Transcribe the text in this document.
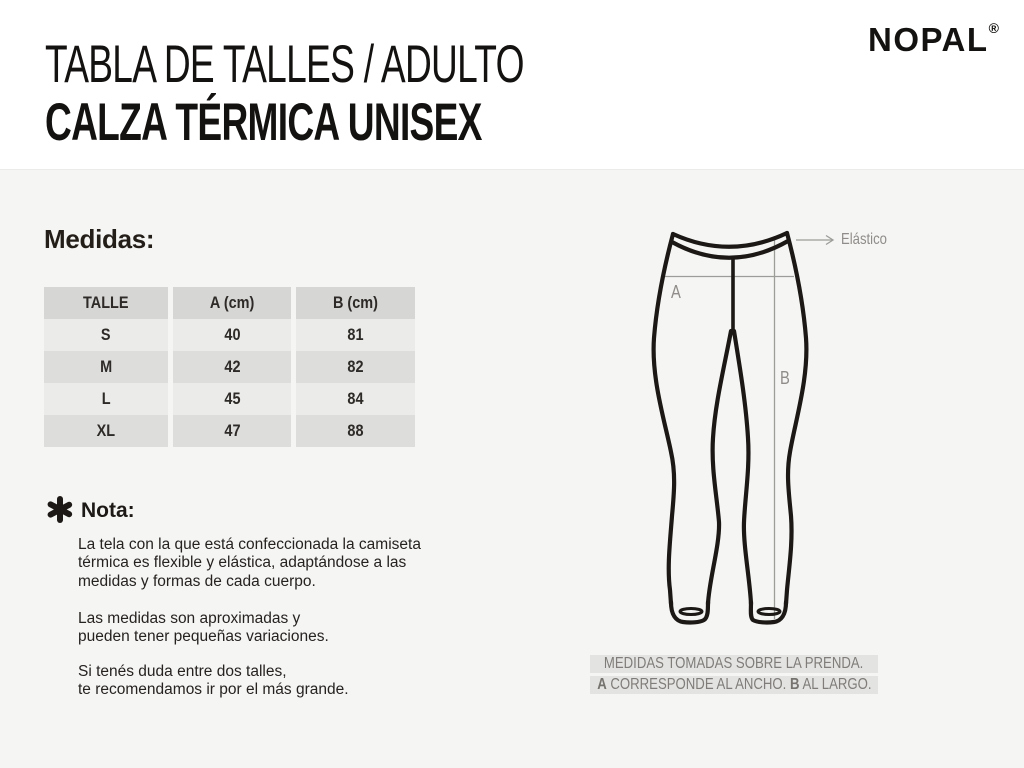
TABLA DE TALLES / ADULTO
CALZA TÉRMICA UNISEX
NOPAL®
Medidas:
TALLE	A (cm)	B (cm)
S	40	81
M	42	82
L	45	84
XL	47	88
Nota:
La tela con la que está confeccionada la camiseta
térmica es flexible y elástica, adaptándose a las
medidas y formas de cada cuerpo.
Las medidas son aproximadas y
pueden tener pequeñas variaciones.
Si tenés duda entre dos talles,
te recomendamos ir por el más grande.
A
B
Elástico
MEDIDAS TOMADAS SOBRE LA PRENDA.
A CORRESPONDE AL ANCHO. B AL LARGO.
